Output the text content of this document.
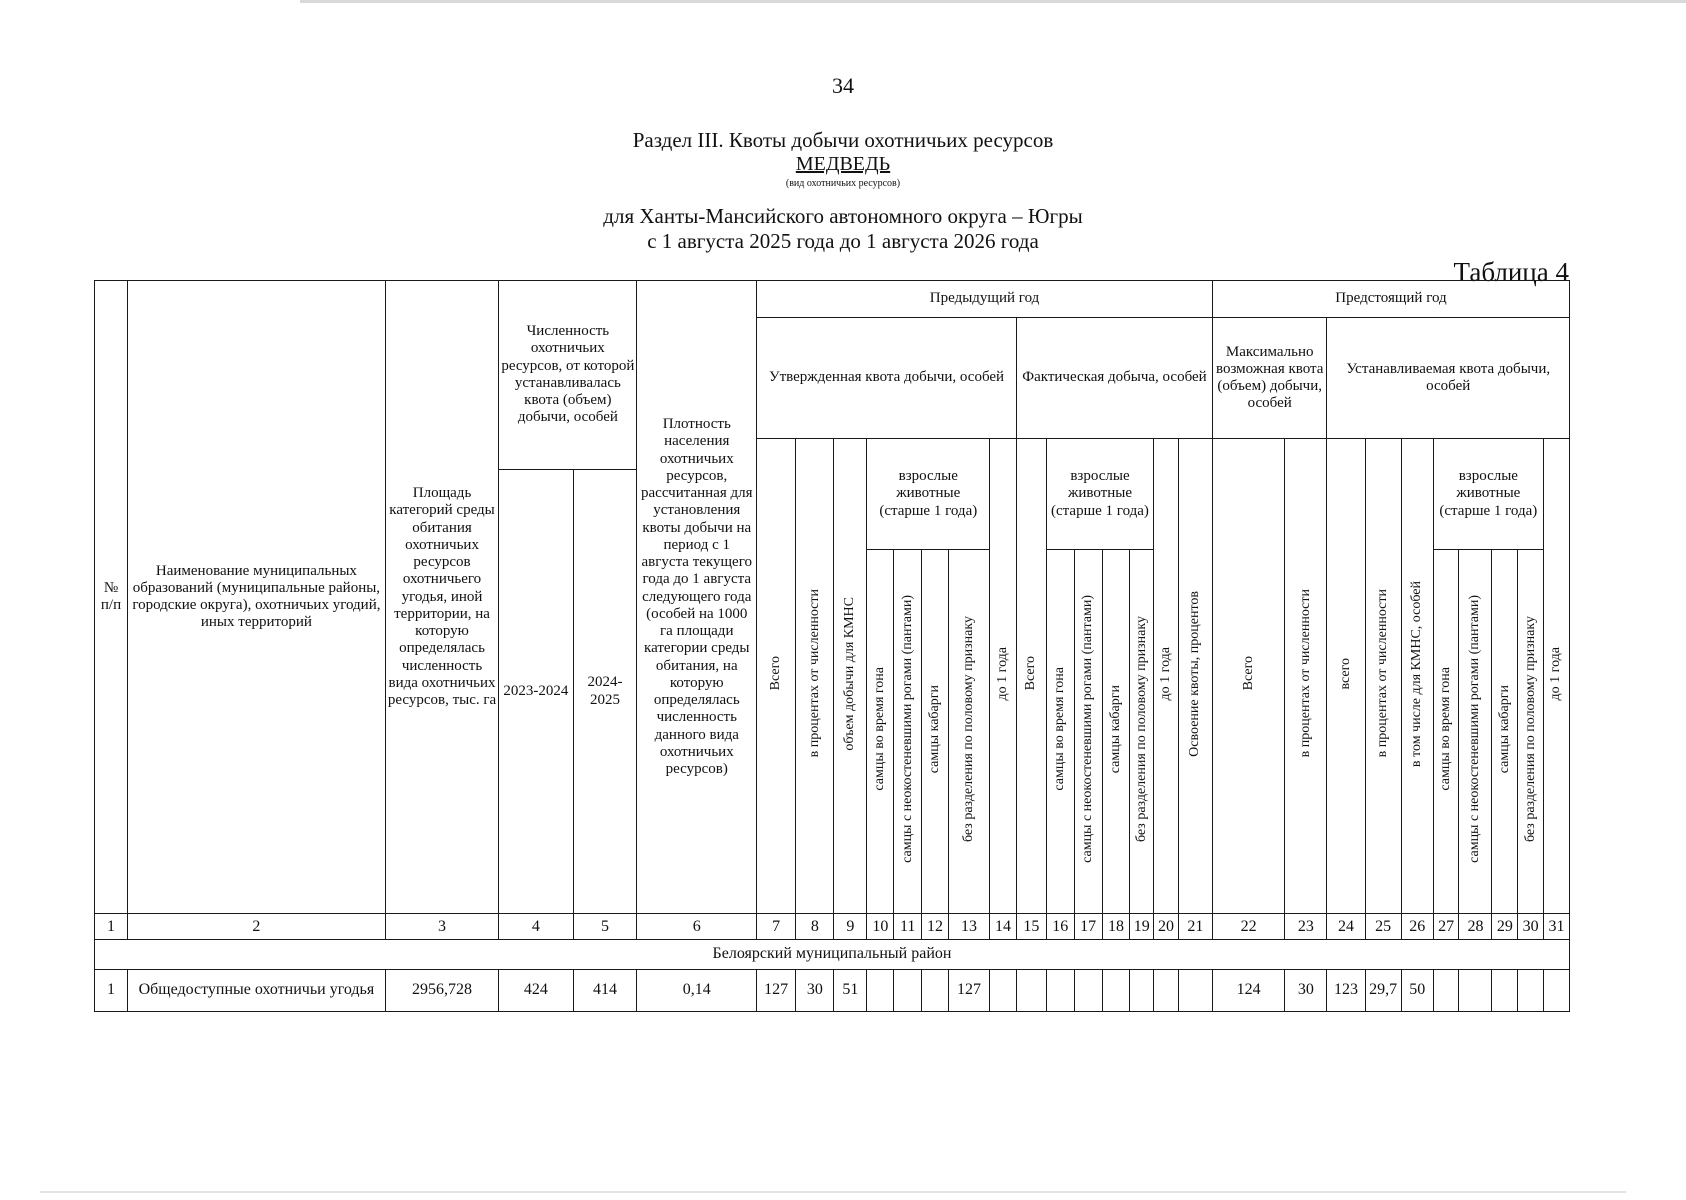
34
Раздел III. Квоты добычи охотничьих ресурсов
МЕДВЕДЬ
(вид охотничьих ресурсов)
для Ханты-Мансийского автономного округа – Югры
с 1 августа 2025 года до 1 августа 2026 года
Таблица 4
№ п/п	Наименование муниципальных образований (муниципальные районы, городские округа), охотничьих угодий, иных территорий	Площадь категорий среды обитания охотничьих ресурсов охотничьего угодья, иной территории, на которую определялась численность вида охотничьих ресурсов, тыс. га	Численность охотничьих ресурсов, от которой устанавливалась квота (объем) добычи, особей		Плотность населения охотничьих ресурсов, рассчитанная для установления квоты добычи на период с 1 августа текущего года до 1 августа следующего года (особей на 1000 га площади категории среды обитания, на которую определялась численность данного вида охотничьих ресурсов)	Предыдущий год															Предстоящий год									
						Утвержденная квота добычи, особей								Фактическая добыча, особей							Максимально возможная квота (объем) добычи, особей		Устанавливаемая квота добычи, особей							
						Всего	в процентах от численности	объем добычи для КМНС	взрослые животные (старше 1 года)				до 1 года	Всего	взрослые животные (старше 1 года)				до 1 года	Освоение квоты, процентов	Всего	в процентах от численности	всего	в процентах от численности	в том числе для КМНС, особей	взрослые животные (старше 1 года)				до 1 года
			2023-2024	2024-2025																										
									самцы во время гона	самцы с неокостеневшими рогами (пантами)	самцы кабарги	без разделения по половому признаку			самцы во время гона	самцы с неокостеневшими рогами (пантами)	самцы кабарги	без разделения по половому признаку								самцы во время гона	самцы с неокостеневшими рогами (пантами)	самцы кабарги	без разделения по половому признаку	
1	2	3	4	5	6	7	8	9	10	11	12	13	14	15	16	17	18	19	20	21	22	23	24	25	26	27	28	29	30	31
Белоярский муниципальный район																														
1	Общедоступные охотничьи угодья	2956,728	424	414	0,14	127	30	51				127									124	30	123	29,7	50					
